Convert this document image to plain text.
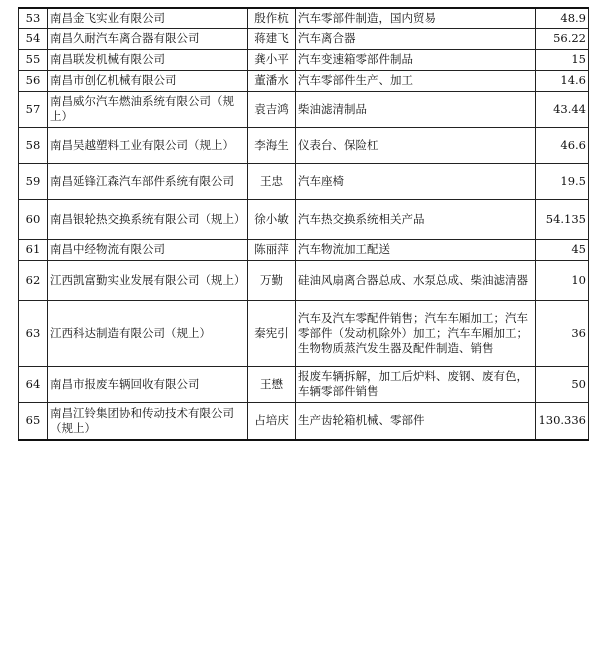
53	南昌金飞实业有限公司	殷作杭	汽车零部件制造，国内贸易	48.9
54	南昌久耐汽车离合器有限公司	蒋建飞	汽车离合器	56.22
55	南昌联发机械有限公司	龚小平	汽车变速箱零部件制品	15
56	南昌市创亿机械有限公司	董潘水	汽车零部件生产、加工	14.6
57	南昌威尔汽车燃油系统有限公司（规上）	袁吉鸿	柴油滤清制品	43.44
58	南昌吴越塑料工业有限公司（规上）	李海生	仪表台、保险杠	46.6
59	南昌延锋江森汽车部件系统有限公司	王忠	汽车座椅	19.5
60	南昌银轮热交换系统有限公司（规上）	徐小敏	汽车热交换系统相关产品	54.135
61	南昌中经物流有限公司	陈丽萍	汽车物流加工配送	45
62	江西凯富勤实业发展有限公司（规上）	万勤	硅油风扇离合器总成、水泵总成、柴油滤清器	10
63	江西科达制造有限公司（规上）	秦宪引	汽车及汽车零配件销售；汽车车厢加工；汽车零部件（发动机除外）加工；汽车车厢加工；生物物质蒸汽发生器及配件制造、销售	36
64	南昌市报废车辆回收有限公司	王懋	报废车辆拆解，加工后炉料、废钢、废有色，车辆零部件销售	50
65	南昌江铃集团协和传动技术有限公司（规上）	占培庆	生产齿轮箱机械、零部件	130.336
